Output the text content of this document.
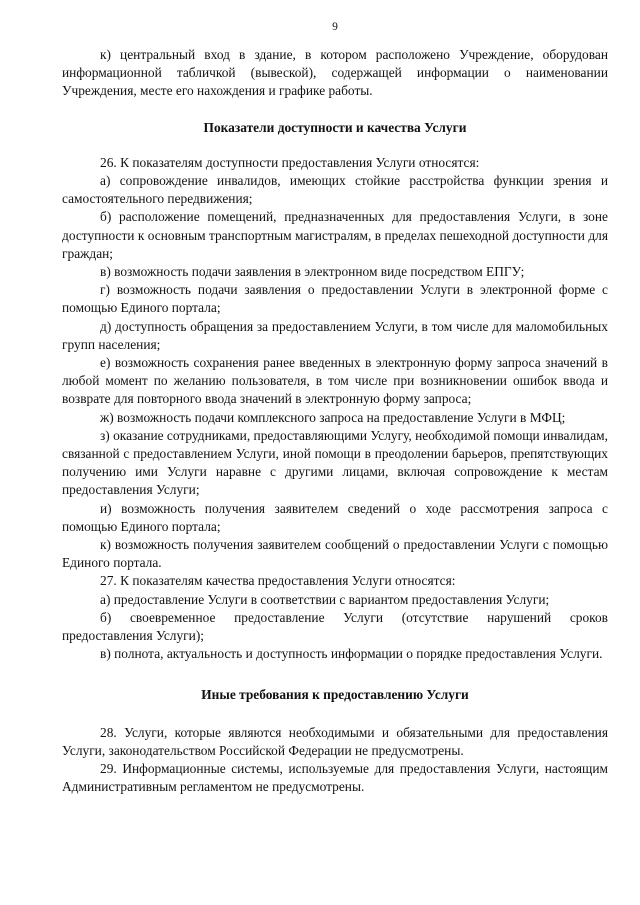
9

к) центральный вход в здание, в котором расположено Учреждение, оборудован информационной табличкой (вывеской), содержащей информации о наименовании Учреждения, месте его нахождения и графике работы.

Показатели доступности и качества Услуги

26. К показателям доступности предоставления Услуги относятся:

а) сопровождение инвалидов, имеющих стойкие расстройства функции зрения и самостоятельного передвижения;

б) расположение помещений, предназначенных для предоставления Услуги, в зоне доступности к основным транспортным магистралям, в пределах пешеходной доступности для граждан;

в) возможность подачи заявления в электронном виде посредством ЕПГУ;

г) возможность подачи заявления о предоставлении Услуги в электронной форме с помощью Единого портала;

д) доступность обращения за предоставлением Услуги, в том числе для маломобильных групп населения;

е) возможность сохранения ранее введенных в электронную форму запроса значений в любой момент по желанию пользователя, в том числе при возникновении ошибок ввода и возврате для повторного ввода значений в электронную форму запроса;

ж) возможность подачи комплексного запроса на предоставление Услуги в МФЦ;

з) оказание сотрудниками, предоставляющими Услугу, необходимой помощи инвалидам, связанной с предоставлением Услуги, иной помощи в преодолении барьеров, препятствующих получению ими Услуги наравне с другими лицами, включая сопровождение к местам предоставления Услуги;

и) возможность получения заявителем сведений о ходе рассмотрения запроса с помощью Единого портала;

к) возможность получения заявителем сообщений о предоставлении Услуги с помощью Единого портала.

27. К показателям качества предоставления Услуги относятся:

а) предоставление Услуги в соответствии с вариантом предоставления Услуги;

б) своевременное предоставление Услуги (отсутствие нарушений сроков предоставления Услуги);

в) полнота, актуальность и доступность информации о порядке предоставления Услуги.

Иные требования к предоставлению Услуги

28. Услуги, которые являются необходимыми и обязательными для предоставления Услуги, законодательством Российской Федерации не предусмотрены.

29. Информационные системы, используемые для предоставления Услуги, настоящим Административным регламентом не предусмотрены.
